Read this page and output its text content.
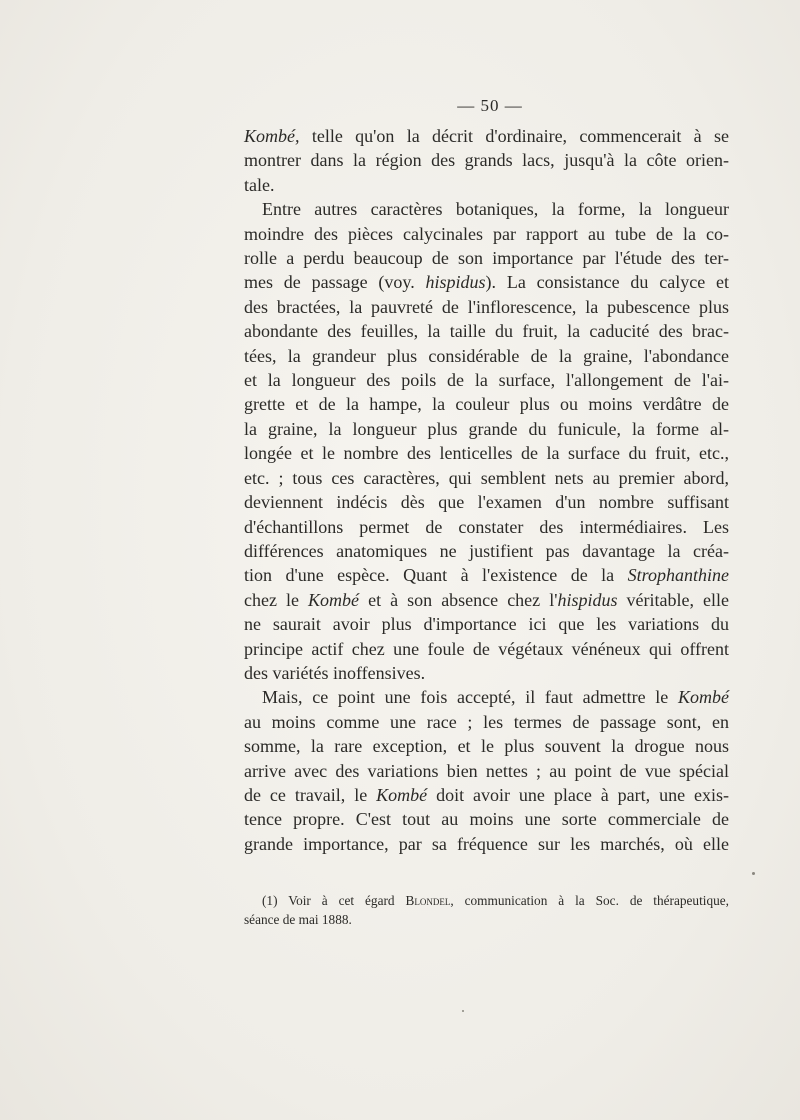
— 50 —
Kombé, telle qu'on la décrit d'ordinaire, commencerait à se
montrer dans la région des grands lacs, jusqu'à la côte orien-
tale.
Entre autres caractères botaniques, la forme, la longueur
moindre des pièces calycinales par rapport au tube de la co-
rolle a perdu beaucoup de son importance par l'étude des ter-
mes de passage (voy. hispidus). La consistance du calyce et
des bractées, la pauvreté de l'inflorescence, la pubescence plus
abondante des feuilles, la taille du fruit, la caducité des brac-
tées, la grandeur plus considérable de la graine, l'abondance
et la longueur des poils de la surface, l'allongement de l'ai-
grette et de la hampe, la couleur plus ou moins verdâtre de
la graine, la longueur plus grande du funicule, la forme al-
longée et le nombre des lenticelles de la surface du fruit, etc.,
etc. ; tous ces caractères, qui semblent nets au premier abord,
deviennent indécis dès que l'examen d'un nombre suffisant
d'échantillons permet de constater des intermédiaires. Les
différences anatomiques ne justifient pas davantage la créa-
tion d'une espèce. Quant à l'existence de la Strophanthine
chez le Kombé et à son absence chez l'hispidus véritable, elle
ne saurait avoir plus d'importance ici que les variations du
principe actif chez une foule de végétaux vénéneux qui offrent
des variétés inoffensives.
Mais, ce point une fois accepté, il faut admettre le Kombé
au moins comme une race ; les termes de passage sont, en
somme, la rare exception, et le plus souvent la drogue nous
arrive avec des variations bien nettes ; au point de vue spécial
de ce travail, le Kombé doit avoir une place à part, une exis-
tence propre. C'est tout au moins une sorte commerciale de
grande importance, par sa fréquence sur les marchés, où elle
(1) Voir à cet égard Blondel, communication à la Soc. de thérapeutique,
séance de mai 1888.
